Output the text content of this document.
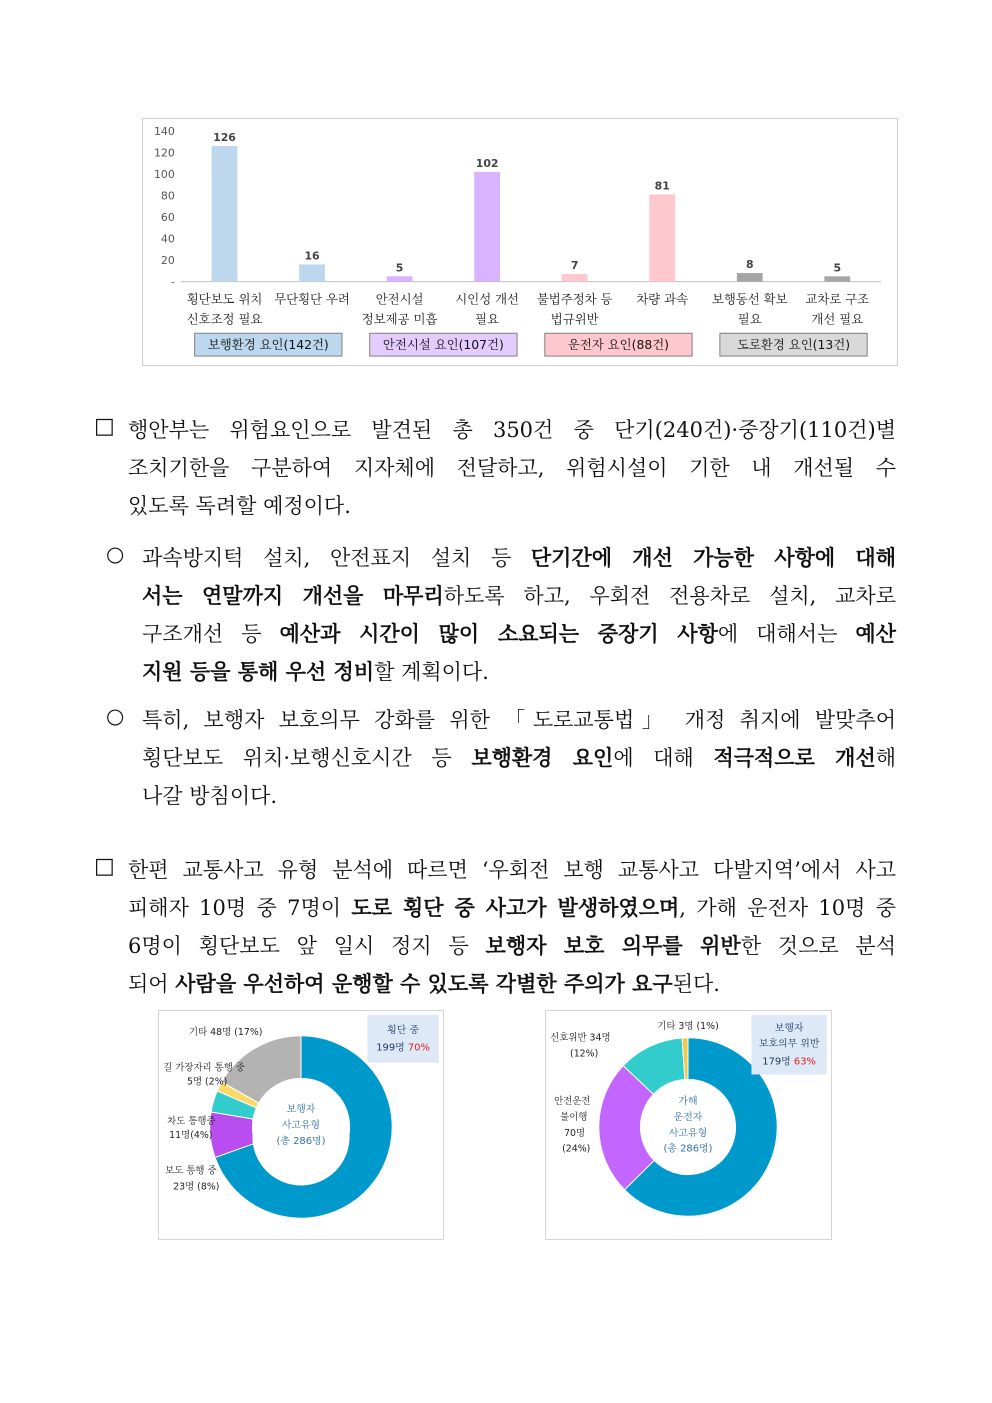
140
120
100
80
60
40
20
-
126
횡단보도 위치
신호조정 필요
16
무단횡단 우려
5
안전시설
정보제공 미흡
102
시인성 개선
필요
7
불법주정차 등
법규위반
81
차량 과속
8
보행동선 확보
필요
5
교차로 구조
개선 필요
보행환경 요인(142건)	안전시설 요인(107건)	운전자 요인(88건)	도로환경 요인(13건)
□ 행안부는 위험요인으로 발견된 총 350건 중 단기(240건)·중장기(110건)별
조치기한을 구분하여 지자체에 전달하고, 위험시설이 기한 내 개선될 수
있도록 독려할 예정이다.
○ 과속방지턱 설치, 안전표지 설치 등 단기간에 개선 가능한 사항에 대해
서는 연말까지 개선을 마무리하도록 하고, 우회전 전용차로 설치, 교차로
구조개선 등 예산과 시간이 많이 소요되는 중장기 사항에 대해서는 예산
지원 등을 통해 우선 정비할 계획이다.
○ 특히, 보행자 보호의무 강화를 위한 「도로교통법」 개정 취지에 발맞추어
횡단보도 위치·보행신호시간 등 보행환경 요인에 대해 적극적으로 개선해
나갈 방침이다.
□ 한편 교통사고 유형 분석에 따르면 ‘우회전 보행 교통사고 다발지역’에서 사고
피해자 10명 중 7명이 도로 횡단 중 사고가 발생하였으며, 가해 운전자 10명 중
6명이 횡단보도 앞 일시 정지 등 보행자 보호 의무를 위반한 것으로 분석
되어 사람을 우선하여 운행할 수 있도록 각별한 주의가 요구된다.
보행자
사고유형
(총 286명)
횡단 중
199명 70%
기타 48명 (17%)
길 가장자리 통행 중
5명 (2%)
차도 통행중
11명(4%)
보도 통행 중
23명 (8%)
가해
운전자
사고유형
(총 286명)
보행자
보호의무 위반
179명 63%
기타 3명 (1%)
신호위반 34명
(12%)
안전운전
불이행
70명
(24%)
